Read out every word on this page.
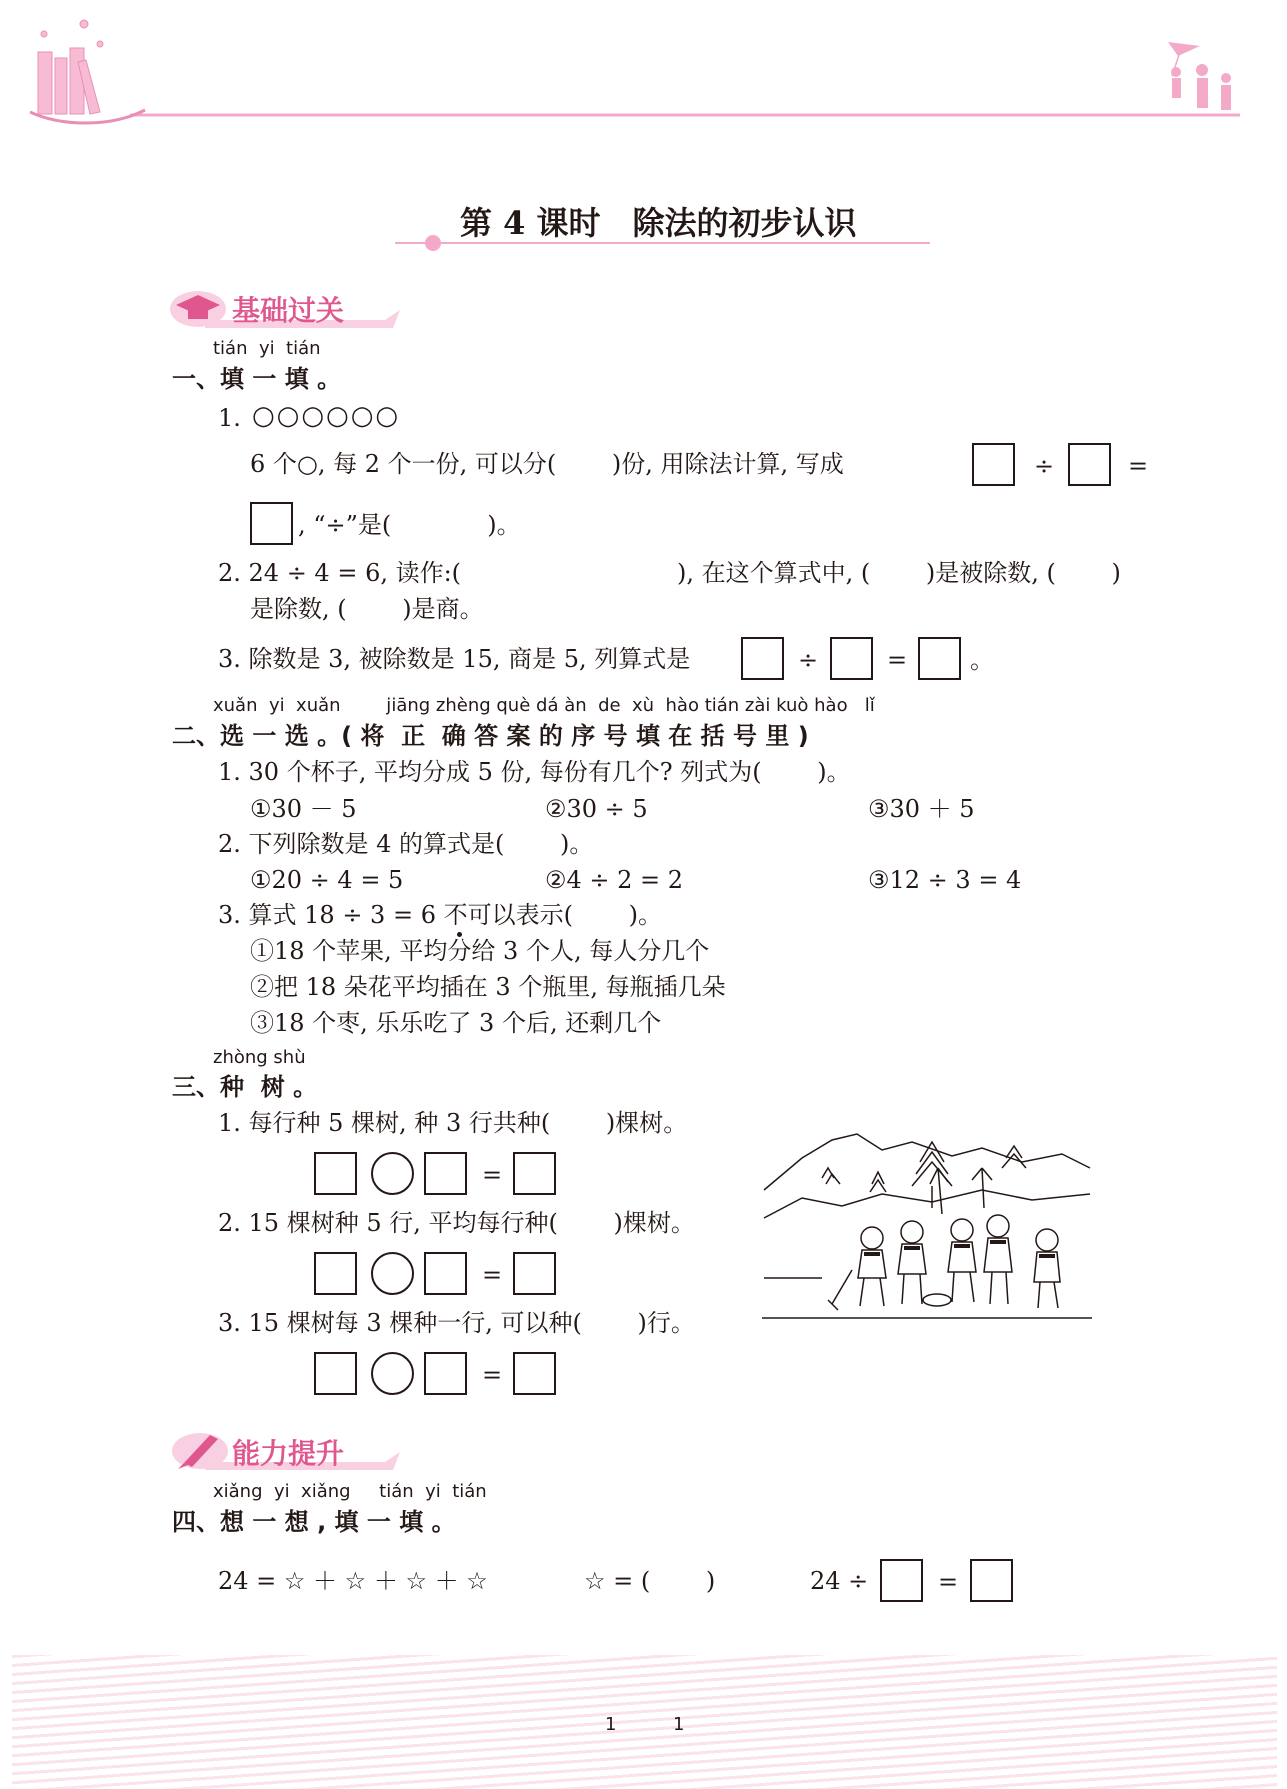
第 4 课时　除法的初步认识
基础过关
tián  yi  tián
一、填 一 填 。
1. ○○○○○○
6 个○, 每 2 个一份, 可以分(　　 )份, 用除法计算, 写成	÷	=
, “÷”是(　　　　)。
2. 24 ÷ 4 = 6, 读作:(　　　　　　　　　), 在这个算式中, (　　 )是被除数, (　　 )
是除数, (　　 )是商。
3. 除数是 3, 被除数是 15, 商是 5, 列算式是	÷	=	。
xuǎn  yi  xuǎn        jiāng zhèng què dá àn  de  xù  hào tián zài kuò hào   lǐ
二、选 一 选 。( 将  正  确 答 案 的 序 号 填 在 括 号 里 )
1. 30 个杯子, 平均分成 5 份, 每份有几个? 列式为(　　 )。
①30 － 5	②30 ÷ 5	③30 ＋ 5
2. 下列除数是 4 的算式是(　　 )。
①20 ÷ 4 = 5	②4 ÷ 2 = 2	③12 ÷ 3 = 4
3. 算式 18 ÷ 3 = 6 不可以表示(　　 )。
①18 个苹果, 平均分给 3 个人, 每人分几个
②把 18 朵花平均插在 3 个瓶里, 每瓶插几朵
③18 个枣, 乐乐吃了 3 个后, 还剩几个
zhòng shù
三、种  树 。
1. 每行种 5 棵树, 种 3 行共种(　　 )棵树。
=
2. 15 棵树种 5 行, 平均每行种(　　 )棵树。
=
3. 15 棵树每 3 棵种一行, 可以种(　　 )行。
=
能力提升
xiǎng  yi  xiǎng     tián  yi  tián
四、想 一 想 , 填 一 填 。
24 = ☆ ＋ ☆ ＋ ☆ ＋ ☆	☆ = (　　 )	24 ÷	=
1	1
